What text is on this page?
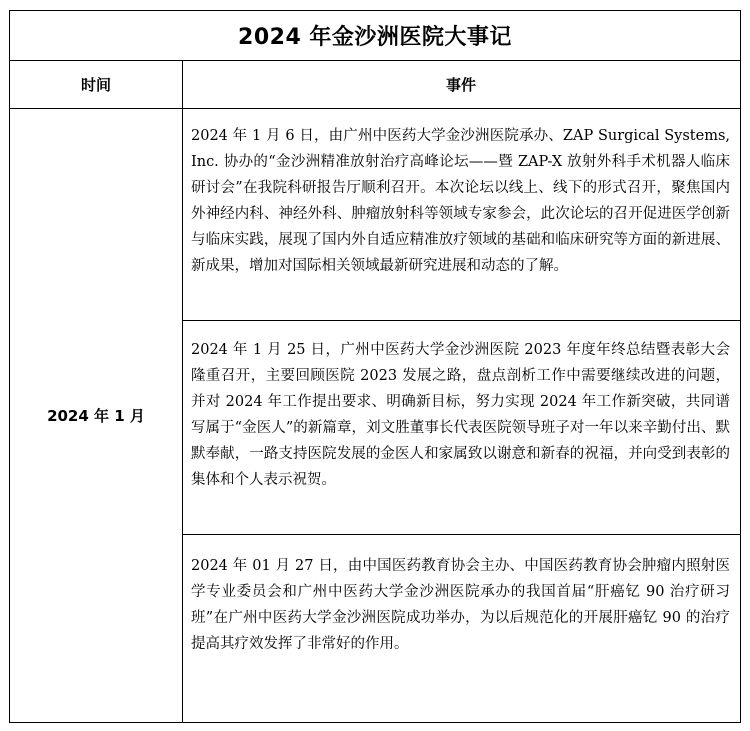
2024 年金沙洲医院大事记
时间	事件
2024 年 1 月

2024 年 1 月 6 日，由广州中医药大学金沙洲医院承办、ZAP Surgical Systems, Inc. 协办的“金沙洲精准放射治疗高峰论坛——暨 ZAP-X 放射外科手术机器人临床研讨会”在我院科研报告厅顺利召开。本次论坛以线上、线下的形式召开，聚焦国内外神经内科、神经外科、肿瘤放射科等领域专家参会，此次论坛的召开促进医学创新与临床实践，展现了国内外自适应精准放疗领域的基础和临床研究等方面的新进展、新成果，增加对国际相关领域最新研究进展和动态的了解。

2024 年 1 月 25 日，广州中医药大学金沙洲医院 2023 年度年终总结暨表彰大会隆重召开，主要回顾医院 2023 发展之路，盘点剖析工作中需要继续改进的问题，并对 2024 年工作提出要求、明确新目标，努力实现 2024 年工作新突破，共同谱写属于“金医人”的新篇章，刘文胜董事长代表医院领导班子对一年以来辛勤付出、默默奉献，一路支持医院发展的金医人和家属致以谢意和新春的祝福，并向受到表彰的集体和个人表示祝贺。

2024 年 01 月 27 日，由中国医药教育协会主办、中国医药教育协会肿瘤内照射医学专业委员会和广州中医药大学金沙洲医院承办的我国首届“肝癌钇 90 治疗研习班”在广州中医药大学金沙洲医院成功举办，为以后规范化的开展肝癌钇 90 的治疗提高其疗效发挥了非常好的作用。
